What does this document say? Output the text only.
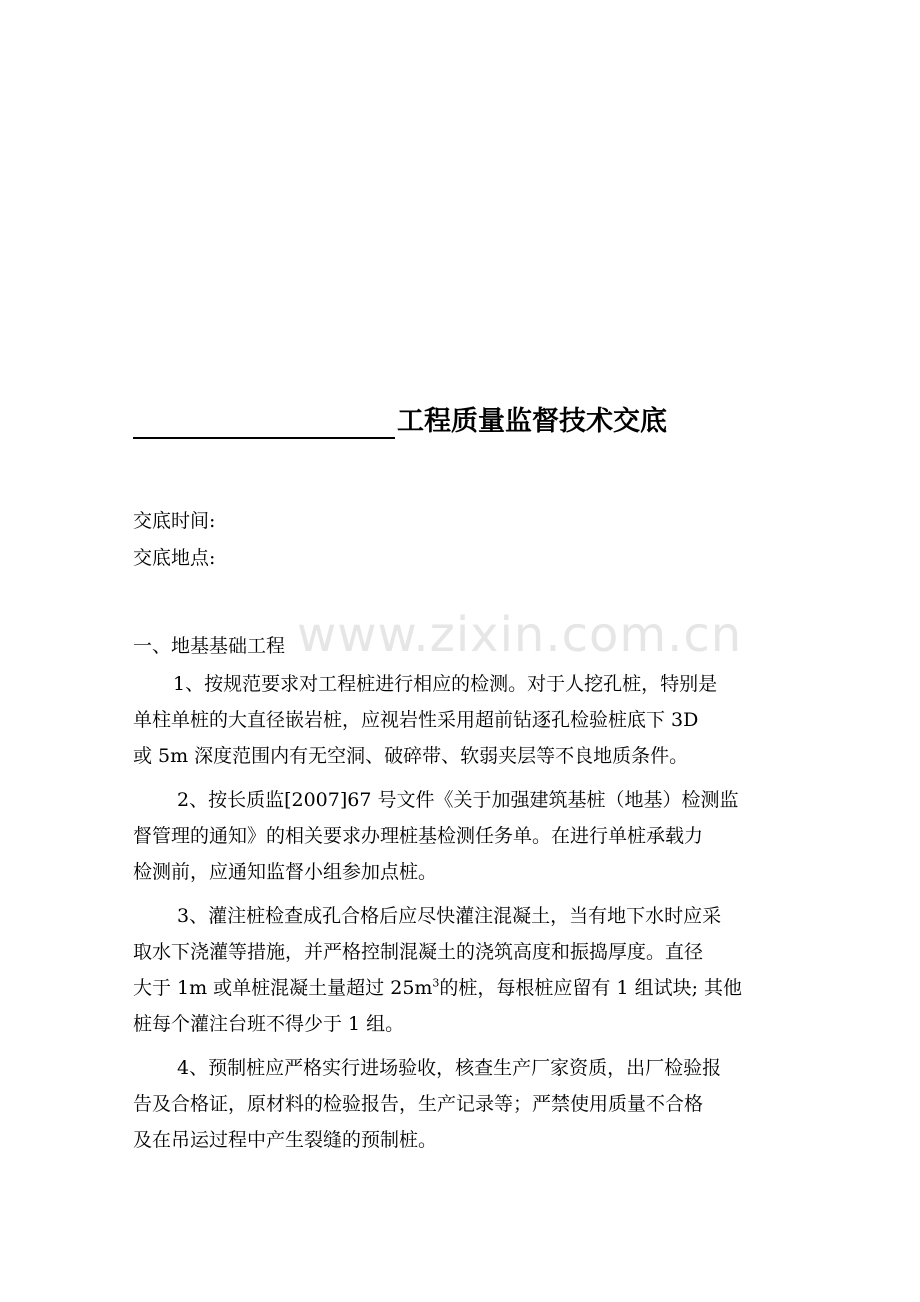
www.zixin.com.cn
工程质量监督技术交底
交底时间:
交底地点:
一、地基基础工程
1、按规范要求对工程桩进行相应的检测。对于人挖孔桩，特别是
单柱单桩的大直径嵌岩桩，应视岩性采用超前钻逐孔检验桩底下 3D
或 5m 深度范围内有无空洞、破碎带、软弱夹层等不良地质条件。
2、按长质监[2007]67 号文件《关于加强建筑基桩（地基）检测监
督管理的通知》的相关要求办理桩基检测任务单。在进行单桩承载力
检测前，应通知监督小组参加点桩。
3、灌注桩检查成孔合格后应尽快灌注混凝土，当有地下水时应采
取水下浇灌等措施，并严格控制混凝土的浇筑高度和振捣厚度。直径
大于 1m 或单桩混凝土量超过 $25m^3$的桩，每根桩应留有 1 组试块; 其他
桩每个灌注台班不得少于 1 组。
4、预制桩应严格实行进场验收，核查生产厂家资质，出厂检验报
告及合格证，原材料的检验报告，生产记录等；严禁使用质量不合格
及在吊运过程中产生裂缝的预制桩。
